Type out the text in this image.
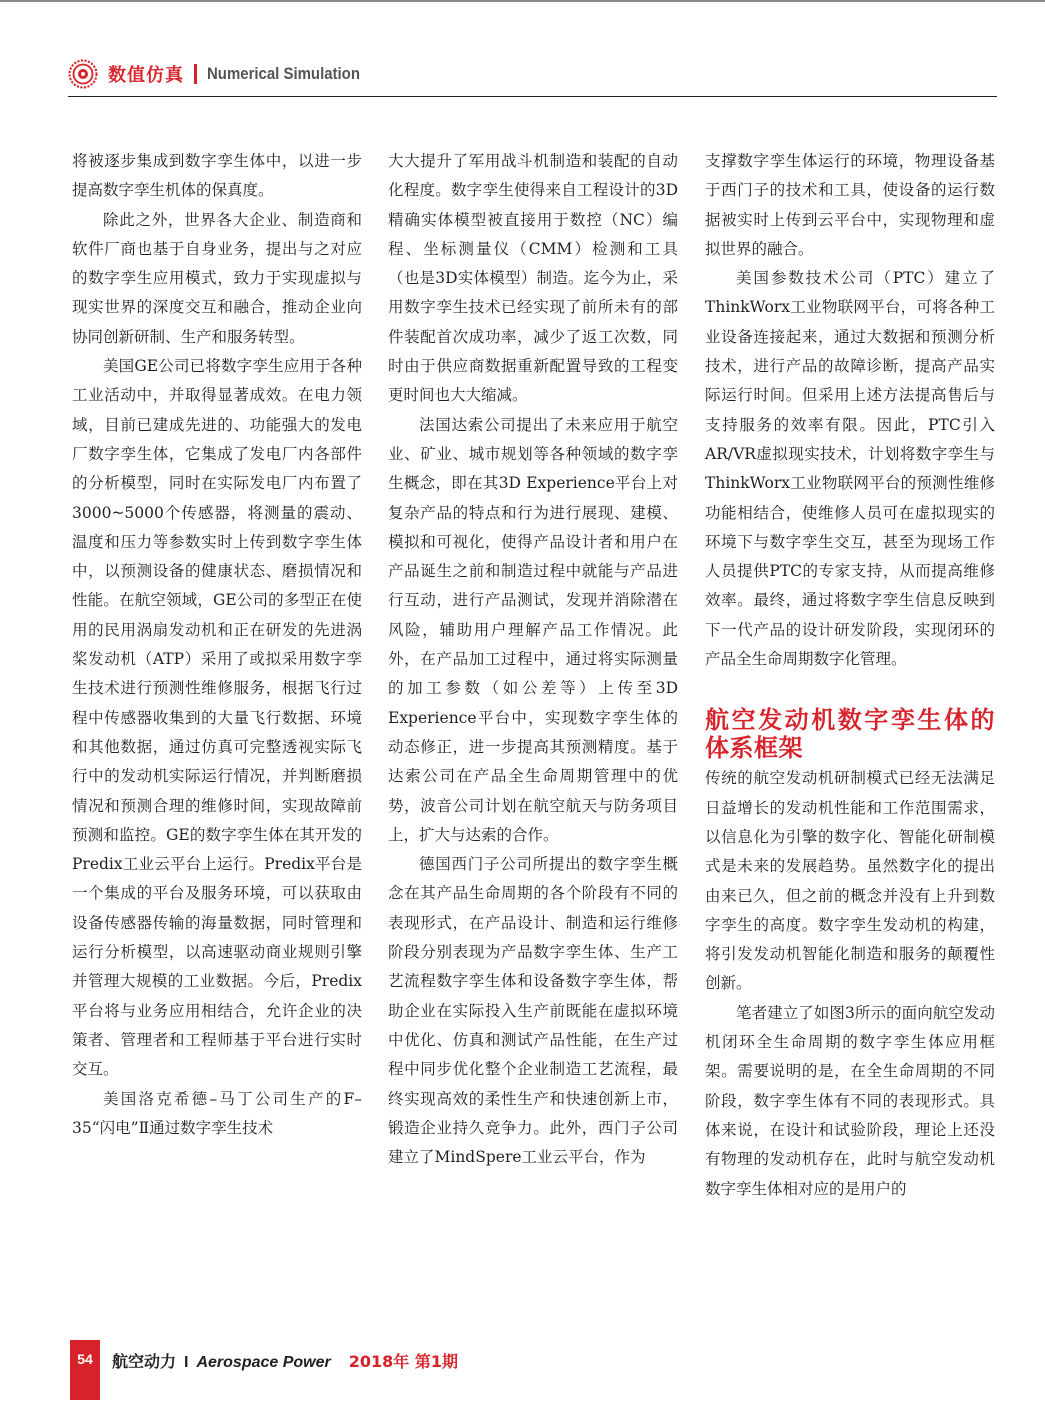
数值仿真 Numerical Simulation

将被逐步集成到数字孪生体中，以进一步提高数字孪生机体的保真度。

除此之外，世界各大企业、制造商和软件厂商也基于自身业务，提出与之对应的数字孪生应用模式，致力于实现虚拟与现实世界的深度交互和融合，推动企业向协同创新研制、生产和服务转型。

美国GE公司已将数字孪生应用于各种工业活动中，并取得显著成效。在电力领域，目前已建成先进的、功能强大的发电厂数字孪生体，它集成了发电厂内各部件的分析模型，同时在实际发电厂内布置了3000~5000个传感器，将测量的震动、温度和压力等参数实时上传到数字孪生体中，以预测设备的健康状态、磨损情况和性能。在航空领域，GE公司的多型正在使用的民用涡扇发动机和正在研发的先进涡桨发动机（ATP）采用了或拟采用数字孪生技术进行预测性维修服务，根据飞行过程中传感器收集到的大量飞行数据、环境和其他数据，通过仿真可完整透视实际飞行中的发动机实际运行情况，并判断磨损情况和预测合理的维修时间，实现故障前预测和监控。GE的数字孪生体在其开发的Predix工业云平台上运行。Predix平台是一个集成的平台及服务环境，可以获取由设备传感器传输的海量数据，同时管理和运行分析模型，以高速驱动商业规则引擎并管理大规模的工业数据。今后，Predix平台将与业务应用相结合，允许企业的决策者、管理者和工程师基于平台进行实时交互。

美国洛克希德–马丁公司生产的F–35“闪电”Ⅱ通过数字孪生技术

大大提升了军用战斗机制造和装配的自动化程度。数字孪生使得来自工程设计的3D精确实体模型被直接用于数控（NC）编程、坐标测量仪（CMM）检测和工具（也是3D实体模型）制造。迄今为止，采用数字孪生技术已经实现了前所未有的部件装配首次成功率，减少了返工次数，同时由于供应商数据重新配置导致的工程变更时间也大大缩减。

法国达索公司提出了未来应用于航空业、矿业、城市规划等各种领域的数字孪生概念，即在其3D Experience平台上对复杂产品的特点和行为进行展现、建模、模拟和可视化，使得产品设计者和用户在产品诞生之前和制造过程中就能与产品进行互动，进行产品测试，发现并消除潜在风险，辅助用户理解产品工作情况。此外，在产品加工过程中，通过将实际测量的加工参数（如公差等）上传至3D Experience平台中，实现数字孪生体的动态修正，进一步提高其预测精度。基于达索公司在产品全生命周期管理中的优势，波音公司计划在航空航天与防务项目上，扩大与达索的合作。

德国西门子公司所提出的数字孪生概念在其产品生命周期的各个阶段有不同的表现形式，在产品设计、制造和运行维修阶段分别表现为产品数字孪生体、生产工艺流程数字孪生体和设备数字孪生体，帮助企业在实际投入生产前既能在虚拟环境中优化、仿真和测试产品性能，在生产过程中同步优化整个企业制造工艺流程，最终实现高效的柔性生产和快速创新上市，锻造企业持久竞争力。此外，西门子公司建立了MindSpere工业云平台，作为

支撑数字孪生体运行的环境，物理设备基于西门子的技术和工具，使设备的运行数据被实时上传到云平台中，实现物理和虚拟世界的融合。

美国参数技术公司（PTC）建立了ThinkWorx工业物联网平台，可将各种工业设备连接起来，通过大数据和预测分析技术，进行产品的故障诊断，提高产品实际运行时间。但采用上述方法提高售后与支持服务的效率有限。因此，PTC引入AR/VR虚拟现实技术，计划将数字孪生与ThinkWorx工业物联网平台的预测性维修功能相结合，使维修人员可在虚拟现实的环境下与数字孪生交互，甚至为现场工作人员提供PTC的专家支持，从而提高维修效率。最终，通过将数字孪生信息反映到下一代产品的设计研发阶段，实现闭环的产品全生命周期数字化管理。

航空发动机数字孪生体的体系框架

传统的航空发动机研制模式已经无法满足日益增长的发动机性能和工作范围需求，以信息化为引擎的数字化、智能化研制模式是未来的发展趋势。虽然数字化的提出由来已久，但之前的概念并没有上升到数字孪生的高度。数字孪生发动机的构建，将引发发动机智能化制造和服务的颠覆性创新。

笔者建立了如图3所示的面向航空发动机闭环全生命周期的数字孪生体应用框架。需要说明的是，在全生命周期的不同阶段，数字孪生体有不同的表现形式。具体来说，在设计和试验阶段，理论上还没有物理的发动机存在，此时与航空发动机数字孪生体相对应的是用户的

54	航空动力 I Aerospace Power 2018年 第1期
